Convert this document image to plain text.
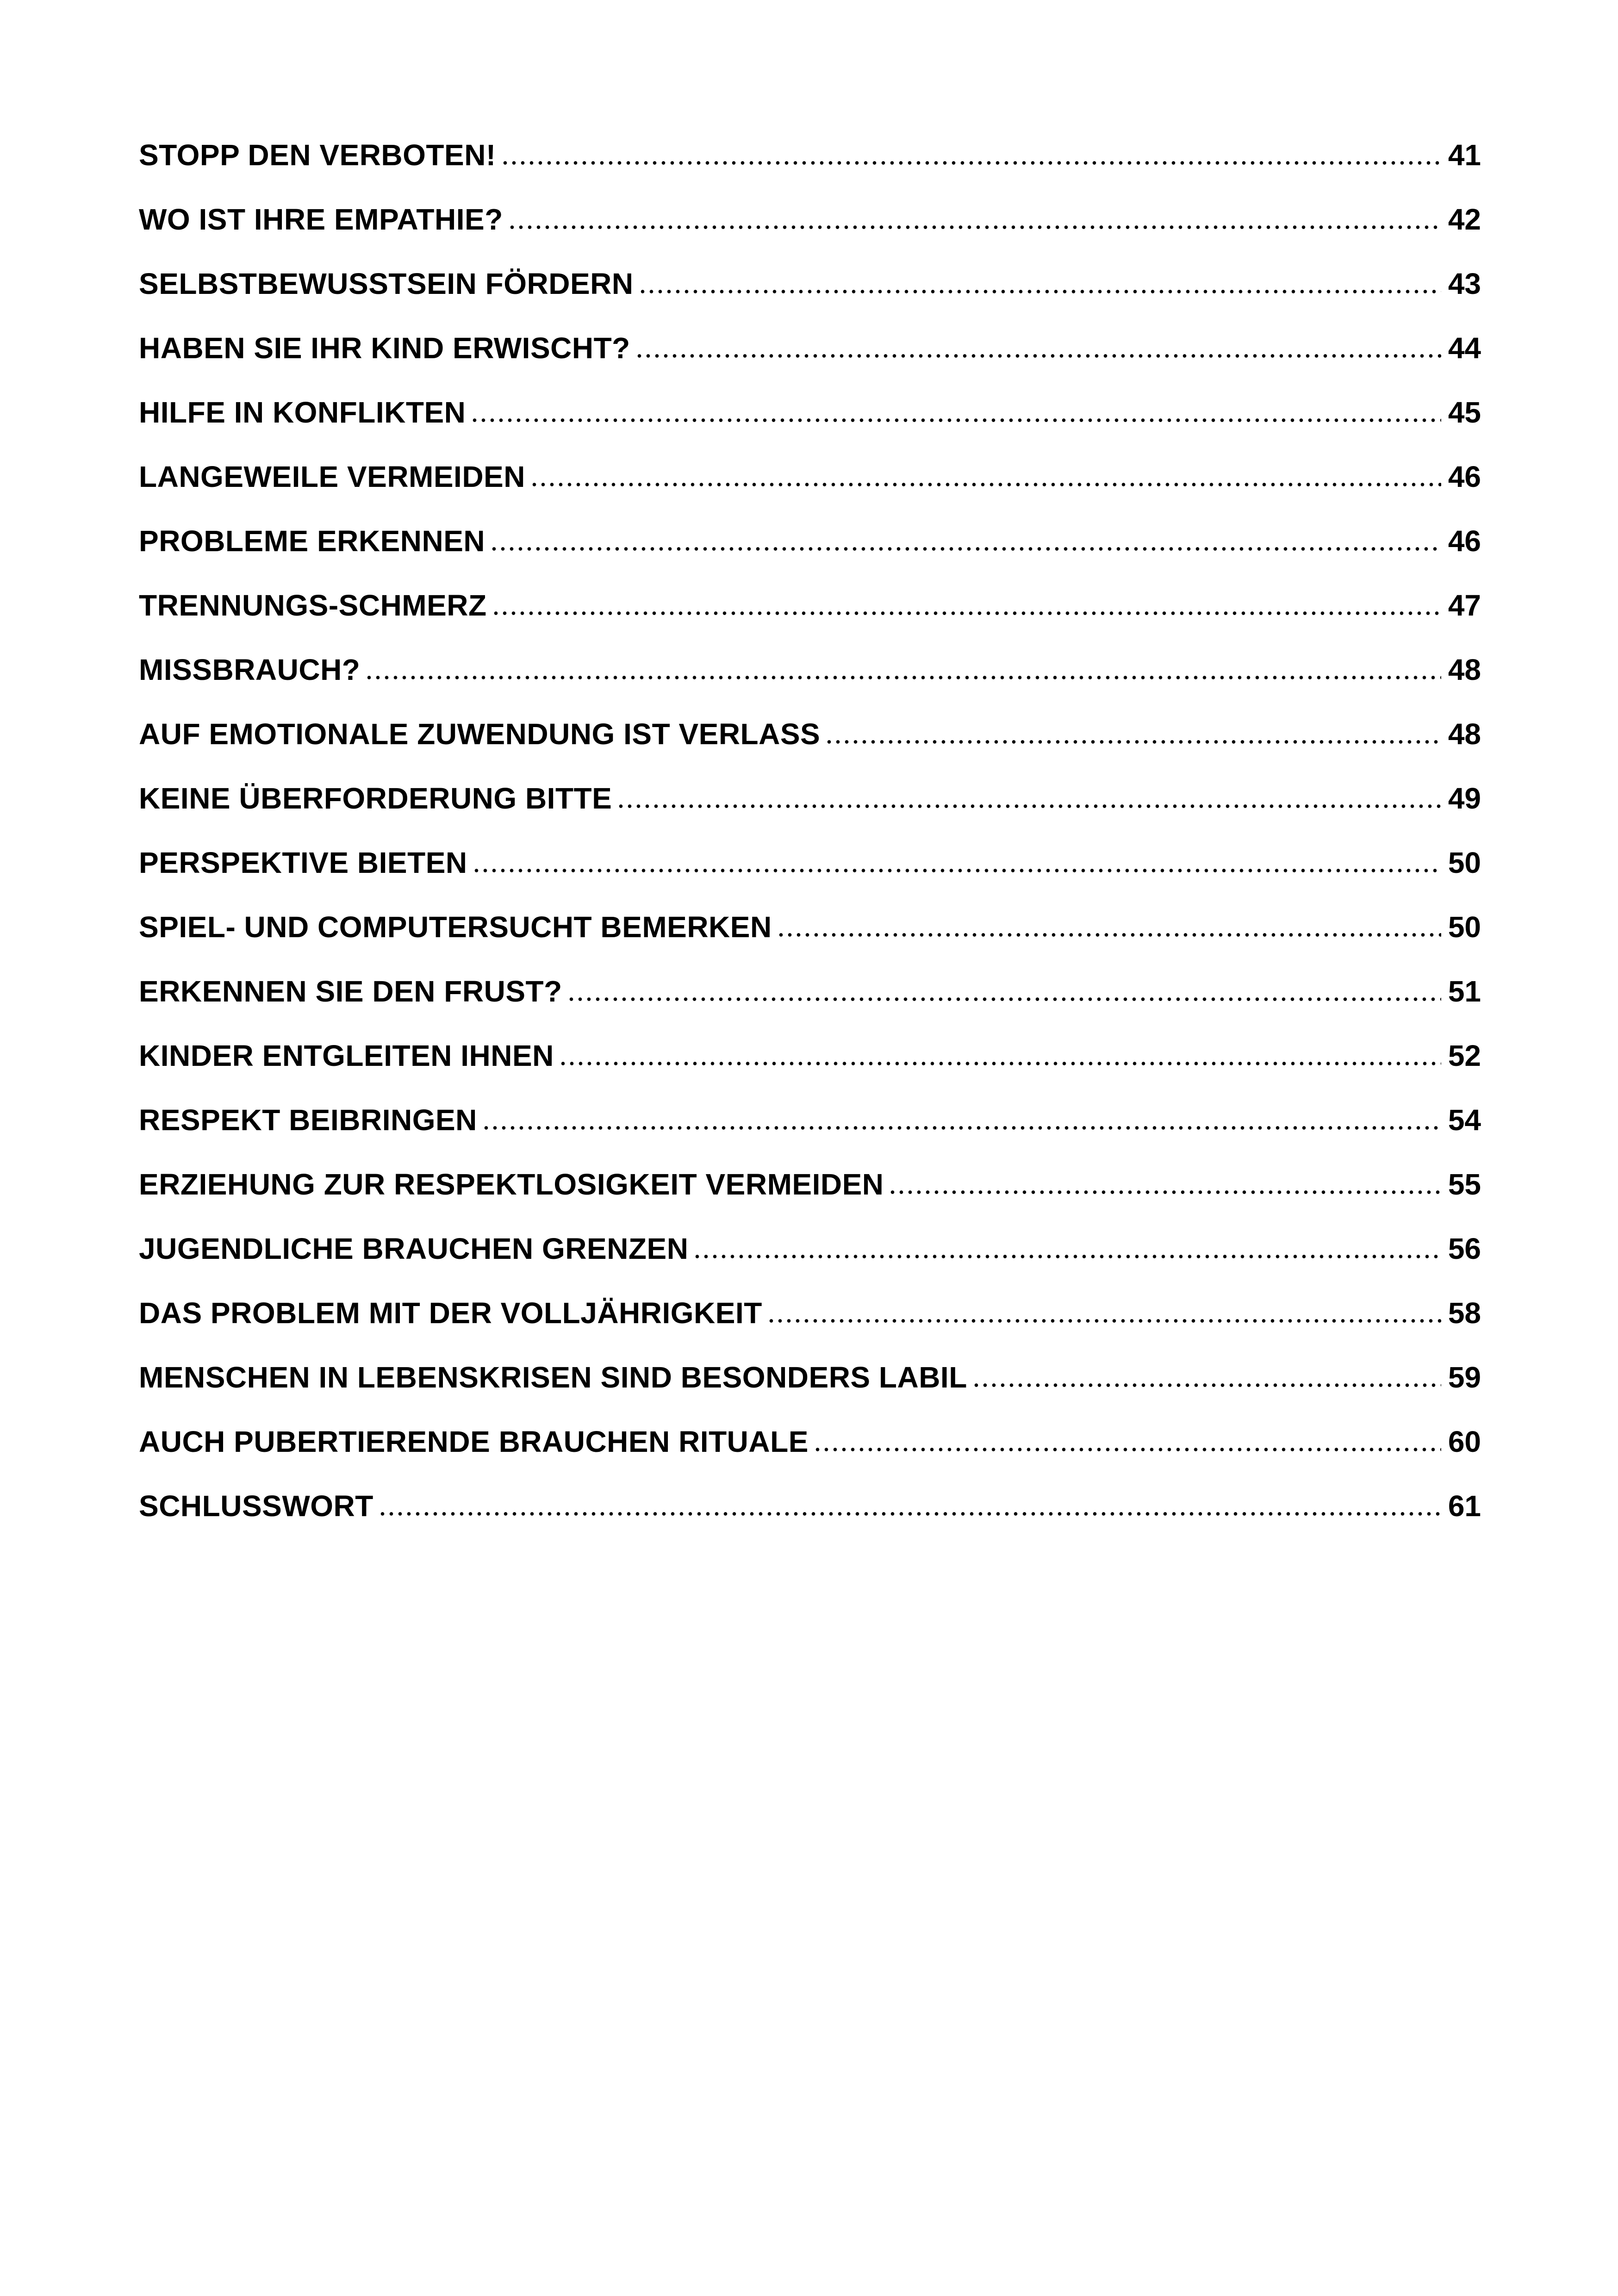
STOPP DEN VERBOTEN!	41
WO IST IHRE EMPATHIE?	42
SELBSTBEWUSSTSEIN FÖRDERN	43
HABEN SIE IHR KIND ERWISCHT?	44
HILFE IN KONFLIKTEN	45
LANGEWEILE VERMEIDEN	46
PROBLEME ERKENNEN	46
TRENNUNGS-SCHMERZ	47
MISSBRAUCH?	48
AUF EMOTIONALE ZUWENDUNG IST VERLASS	48
KEINE ÜBERFORDERUNG BITTE	49
PERSPEKTIVE BIETEN	50
SPIEL- UND COMPUTERSUCHT BEMERKEN	50
ERKENNEN SIE DEN FRUST?	51
KINDER ENTGLEITEN IHNEN	52
RESPEKT BEIBRINGEN	54
ERZIEHUNG ZUR RESPEKTLOSIGKEIT VERMEIDEN	55
JUGENDLICHE BRAUCHEN GRENZEN	56
DAS PROBLEM MIT DER VOLLJÄHRIGKEIT	58
MENSCHEN IN LEBENSKRISEN SIND BESONDERS LABIL	59
AUCH PUBERTIERENDE BRAUCHEN RITUALE	60
SCHLUSSWORT	61
